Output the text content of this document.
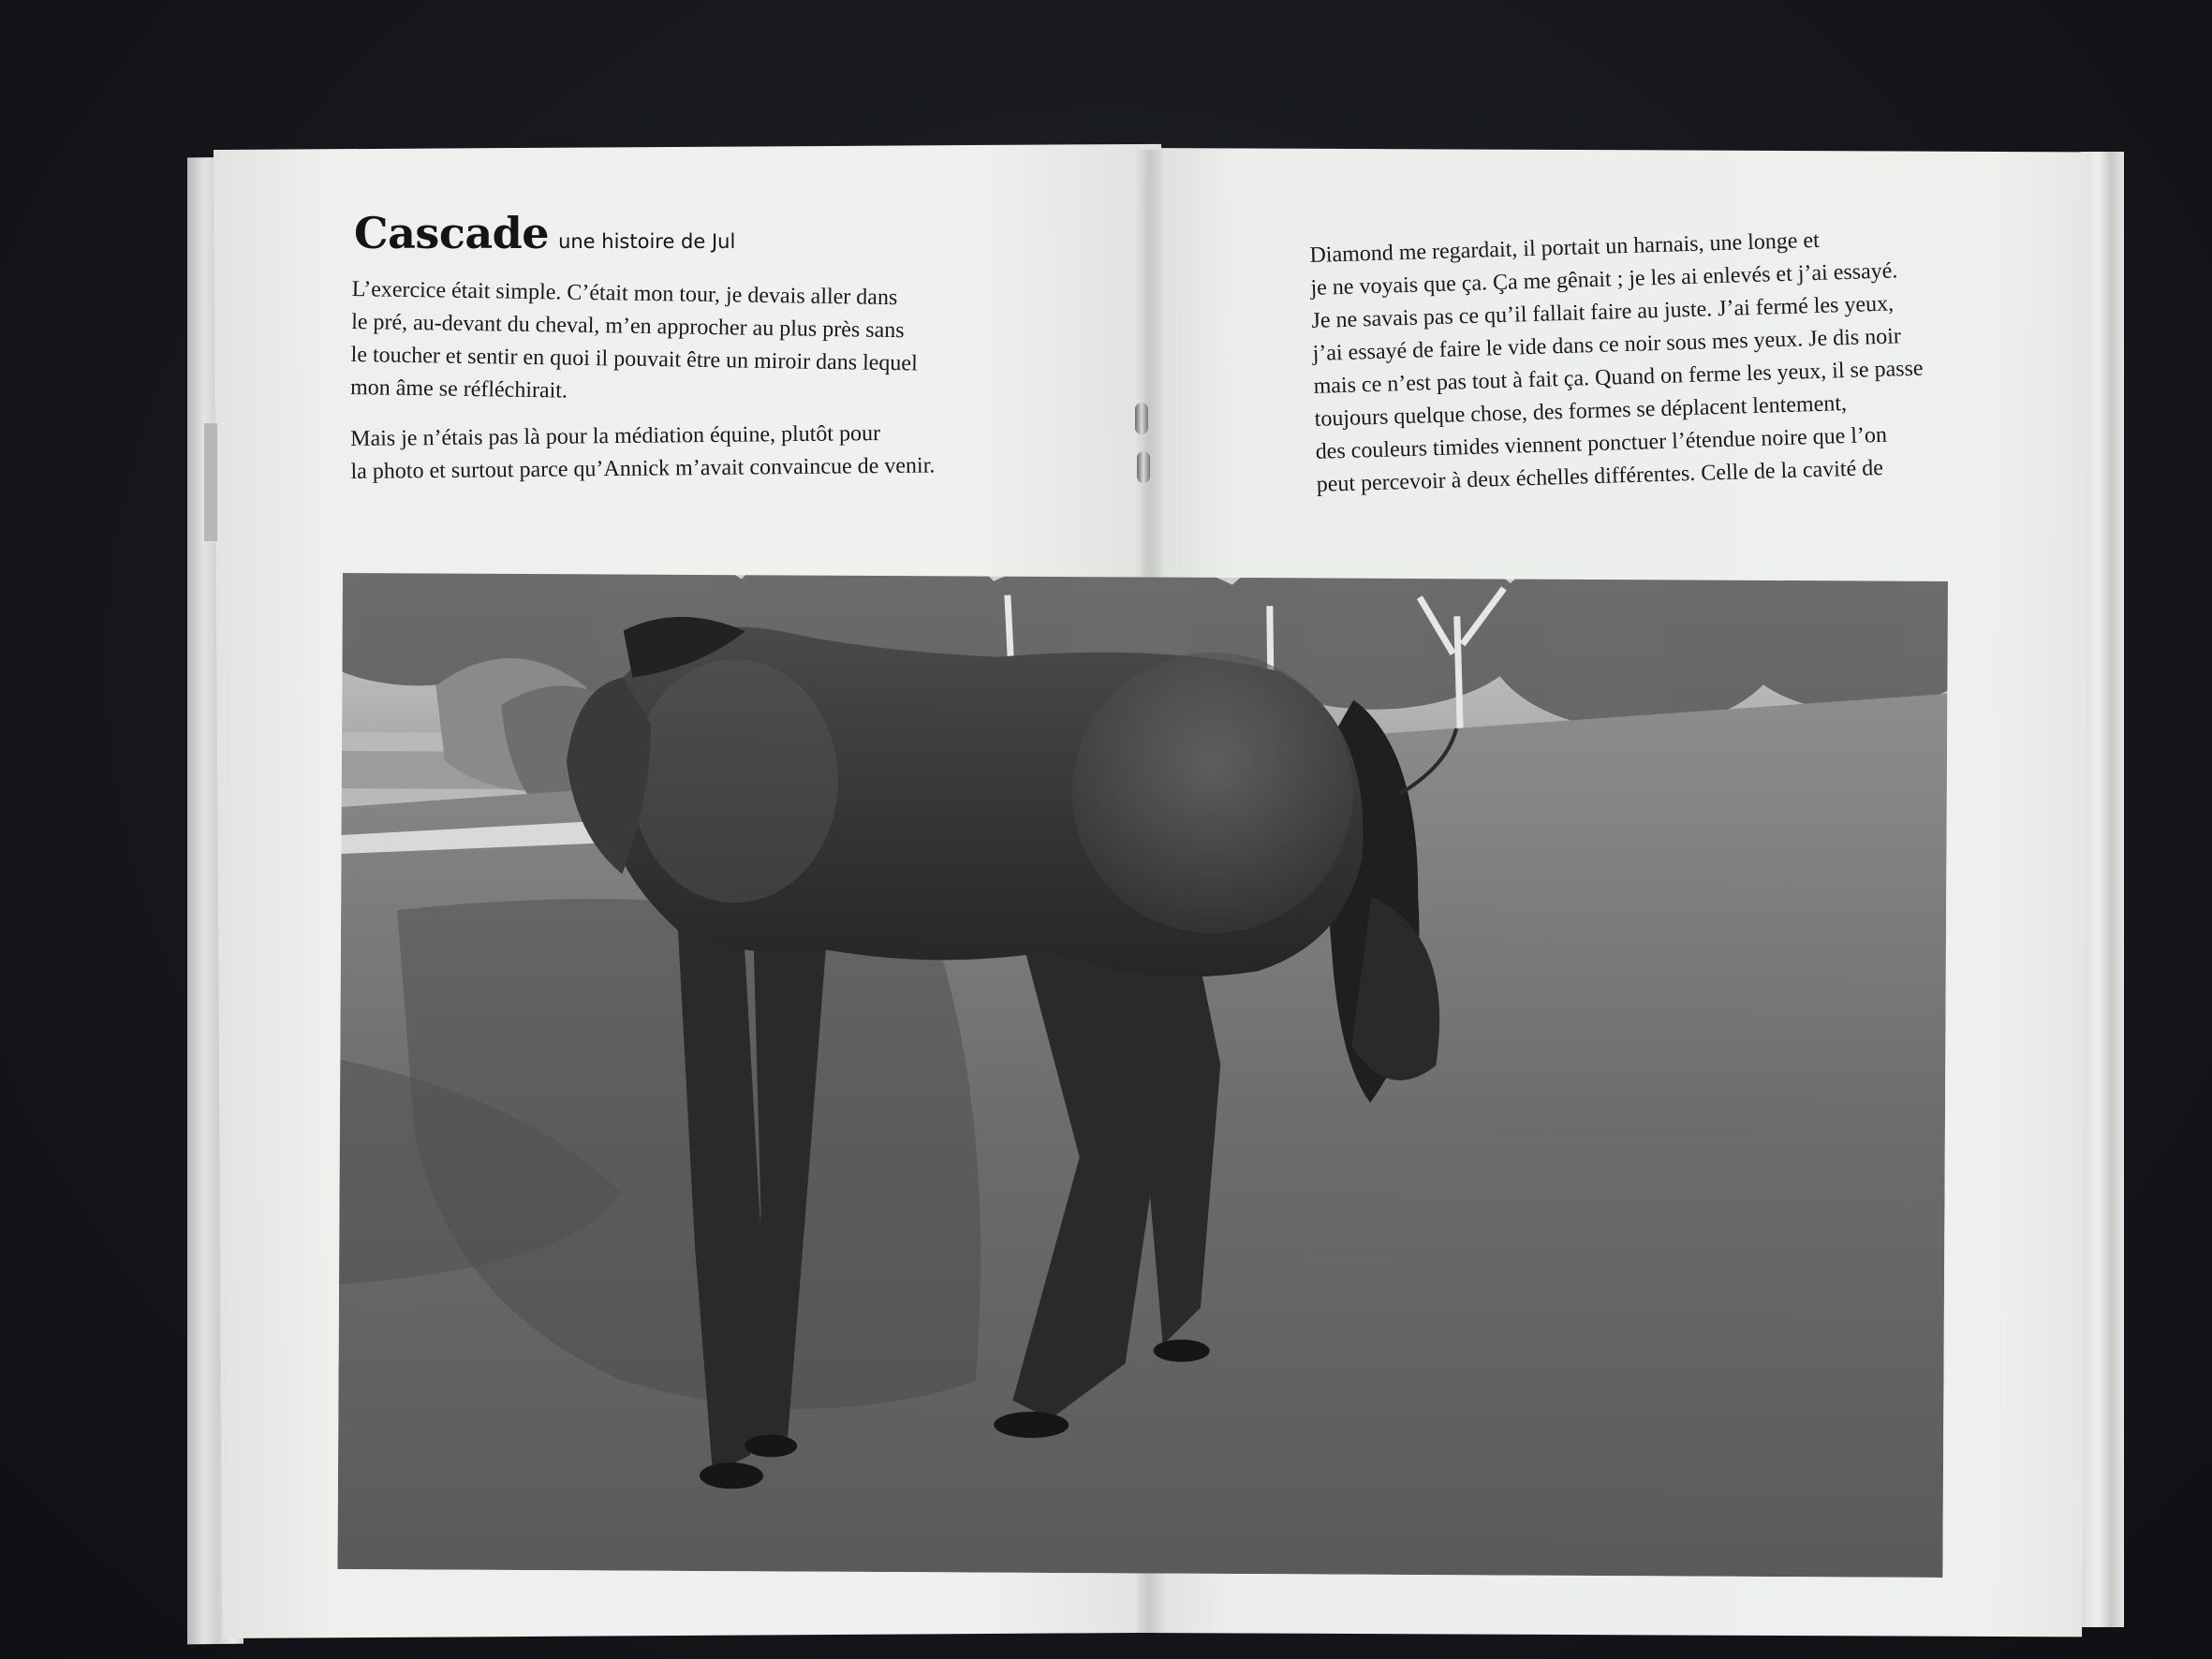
Cascade une histoire de Jul

L’exercice était simple. C’était mon tour, je devais aller dans

le pré, au-devant du cheval, m’en approcher au plus près sans

le toucher et sentir en quoi il pouvait être un miroir dans lequel

mon âme se réfléchirait.

Mais je n’étais pas là pour la médiation équine, plutôt pour

la photo et surtout parce qu’Annick m’avait convaincue de venir.

Diamond me regardait, il portait un harnais, une longe et

je ne voyais que ça. Ça me gênait ; je les ai enlevés et j’ai essayé.

Je ne savais pas ce qu’il fallait faire au juste. J’ai fermé les yeux,

j’ai essayé de faire le vide dans ce noir sous mes yeux. Je dis noir

mais ce n’est pas tout à fait ça. Quand on ferme les yeux, il se passe

toujours quelque chose, des formes se déplacent lentement,

des couleurs timides viennent ponctuer l’étendue noire que l’on

peut percevoir à deux échelles différentes. Celle de la cavité de
